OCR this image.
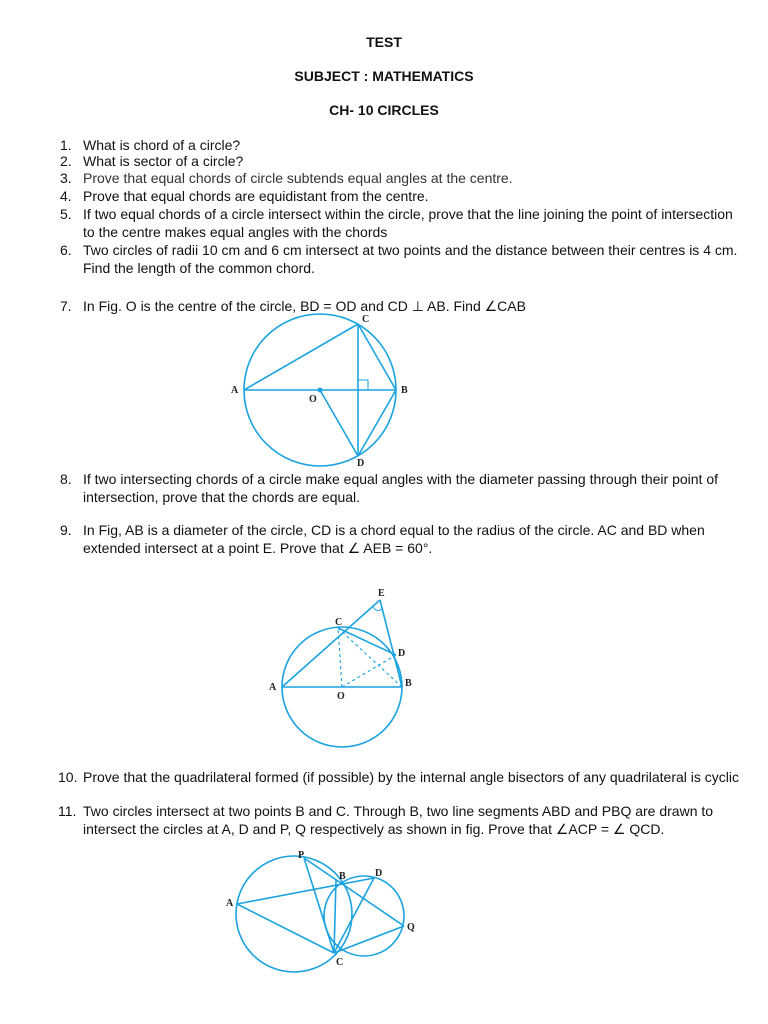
TEST
SUBJECT : MATHEMATICS
CH- 10 CIRCLES
1. What is chord of a circle?
2. What is sector of a circle?
3. Prove that equal chords of circle subtends equal angles at the centre.
4. Prove that equal chords are equidistant from the centre.
5. If two equal chords of a circle intersect within the circle, prove that the line joining the point of intersection to the centre makes equal angles with the chords
6. Two circles of radii 10 cm and 6 cm intersect at two points and the distance between their centres is 4 cm. Find the length of the common chord.
7. In Fig. O is the centre of the circle, BD = OD and CD ⊥ AB. Find ∠CAB
A	B
C
D
O
8. If two intersecting chords of a circle make equal angles with the diameter passing through their point of intersection, prove that the chords are equal.
9. In Fig, AB is a diameter of the circle, CD is a chord equal to the radius of the circle. AC and BD when extended intersect at a point E. Prove that ∠ AEB = 60°.
A	B
C
D
E
O
10. Prove that the quadrilateral formed (if possible) by the internal angle bisectors of any quadrilateral is cyclic
11. Two circles intersect at two points B and C. Through B, two line segments ABD and PBQ are drawn to intersect the circles at A, D and P, Q respectively as shown in fig. Prove that ∠ACP = ∠ QCD.
A
B
C
D
P
Q
